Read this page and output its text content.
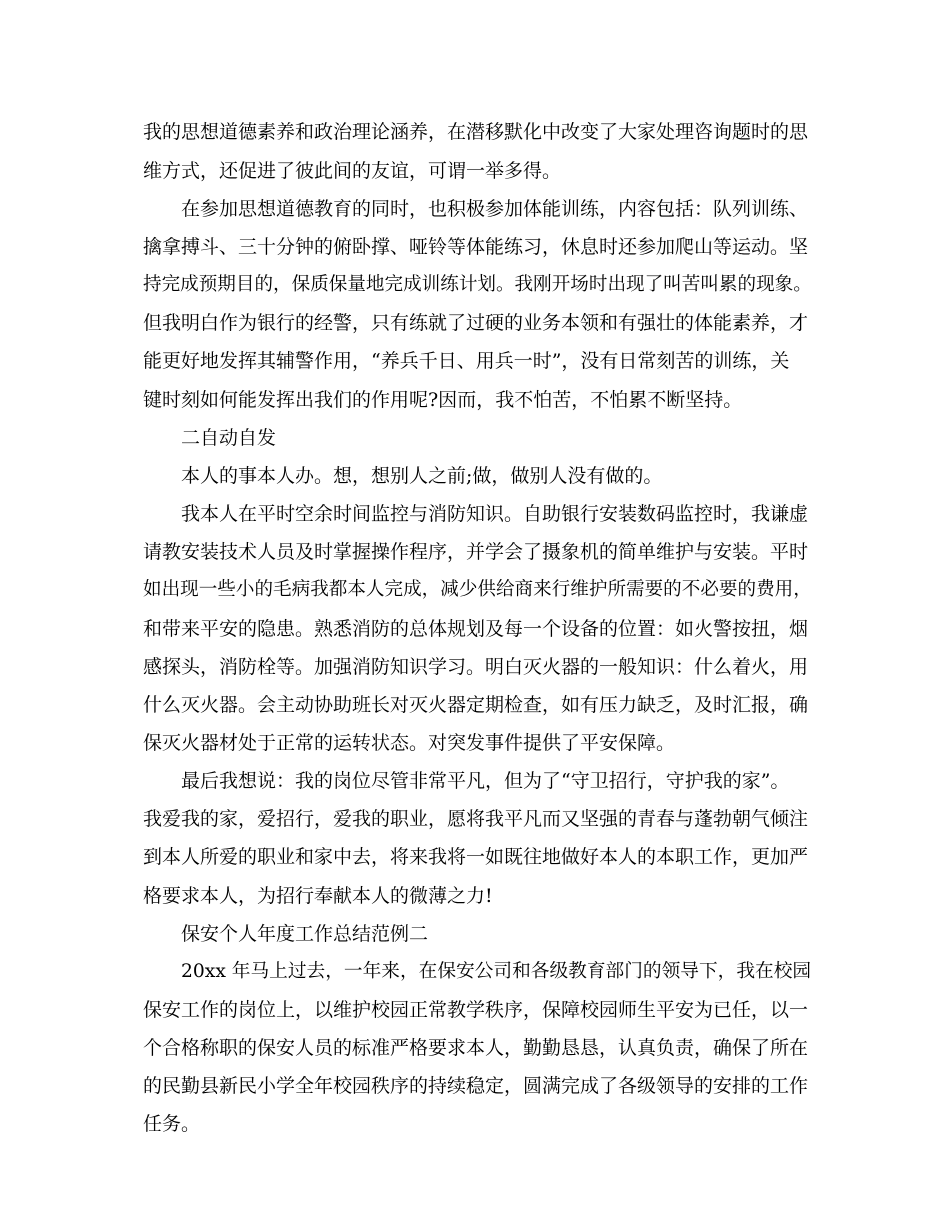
我的思想道德素养和政治理论涵养，在潜移默化中改变了大家处理咨询题时的思
维方式，还促进了彼此间的友谊，可谓一举多得。
在参加思想道德教育的同时，也积极参加体能训练，内容包括：队列训练、
擒拿搏斗、三十分钟的俯卧撑、哑铃等体能练习，休息时还参加爬山等运动。坚
持完成预期目的，保质保量地完成训练计划。我刚开场时出现了叫苦叫累的现象。
但我明白作为银行的经警，只有练就了过硬的业务本领和有强壮的体能素养，才
能更好地发挥其辅警作用，“养兵千日、用兵一时”，没有日常刻苦的训练，关
键时刻如何能发挥出我们的作用呢?因而，我不怕苦，不怕累不断坚持。
二自动自发
本人的事本人办。想，想别人之前;做，做别人没有做的。
我本人在平时空余时间监控与消防知识。自助银行安装数码监控时，我谦虚
请教安装技术人员及时掌握操作程序，并学会了摄象机的简单维护与安装。平时
如出现一些小的毛病我都本人完成，减少供给商来行维护所需要的不必要的费用，
和带来平安的隐患。熟悉消防的总体规划及每一个设备的位置：如火警按扭，烟
感探头，消防栓等。加强消防知识学习。明白灭火器的一般知识：什么着火，用
什么灭火器。会主动协助班长对灭火器定期检查，如有压力缺乏，及时汇报，确
保灭火器材处于正常的运转状态。对突发事件提供了平安保障。
最后我想说：我的岗位尽管非常平凡，但为了“守卫招行，守护我的家”。
我爱我的家，爱招行，爱我的职业，愿将我平凡而又坚强的青春与蓬勃朝气倾注
到本人所爱的职业和家中去，将来我将一如既往地做好本人的本职工作，更加严
格要求本人，为招行奉献本人的微薄之力!
保安个人年度工作总结范例二
20xx 年马上过去，一年来，在保安公司和各级教育部门的领导下，我在校园
保安工作的岗位上，以维护校园正常教学秩序，保障校园师生平安为已任，以一
个合格称职的保安人员的标准严格要求本人，勤勤恳恳，认真负责，确保了所在
的民勤县新民小学全年校园秩序的持续稳定，圆满完成了各级领导的安排的工作
任务。
